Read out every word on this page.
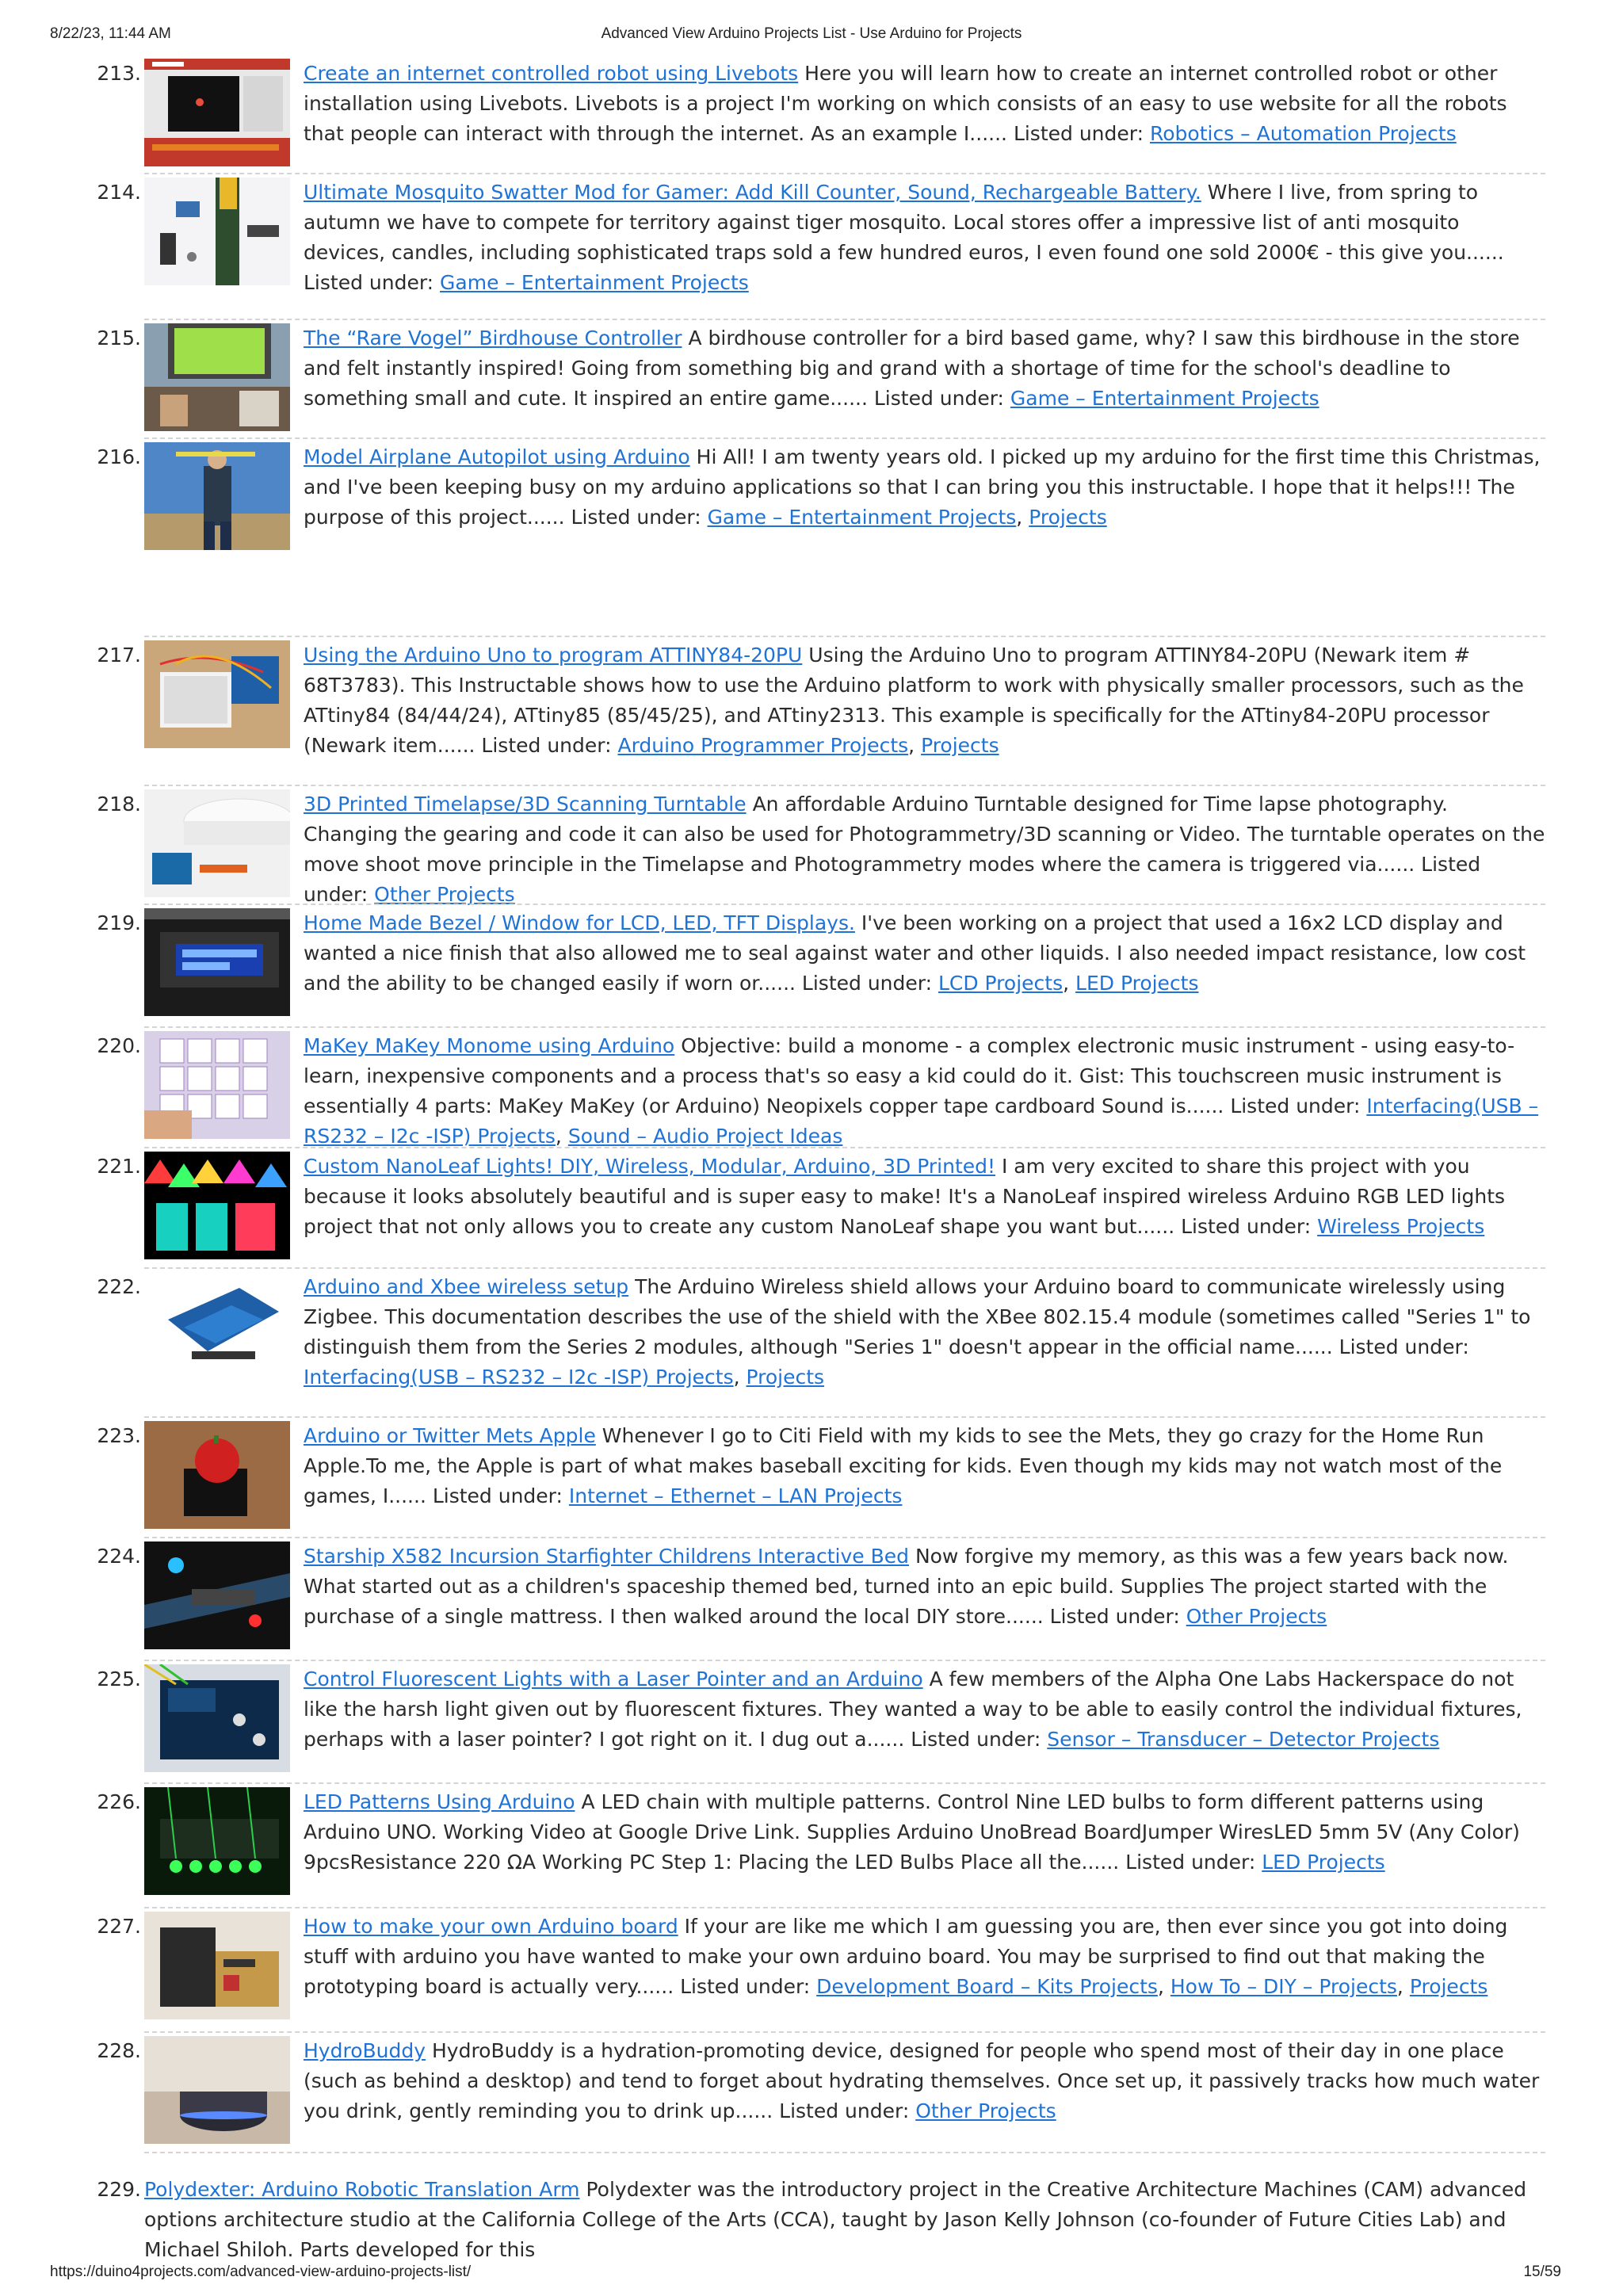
8/22/23, 11:44 AM	Advanced View Arduino Projects List - Use Arduino for Projects
213.	Create an internet controlled robot using Livebots Here you will learn how to create an internet controlled robot or other installation using Livebots. Livebots is a project I'm working on which consists of an easy to use website for all the robots that people can interact with through the internet. As an example I...... Listed under: Robotics – Automation Projects
214.	Ultimate Mosquito Swatter Mod for Gamer: Add Kill Counter, Sound, Rechargeable Battery. Where I live, from spring to autumn we have to compete for territory against tiger mosquito. Local stores offer a impressive list of anti mosquito devices, candles, including sophisticated traps sold a few hundred euros, I even found one sold 2000€ - this give you...... Listed under: Game – Entertainment Projects
215.	The “Rare Vogel” Birdhouse Controller A birdhouse controller for a bird based game, why? I saw this birdhouse in the store and felt instantly inspired! Going from something big and grand with a shortage of time for the school's deadline to something small and cute. It inspired an entire game...... Listed under: Game – Entertainment Projects
216.	Model Airplane Autopilot using Arduino Hi All! I am twenty years old. I picked up my arduino for the first time this Christmas, and I've been keeping busy on my arduino applications so that I can bring you this instructable. I hope that it helps!!! The purpose of this project...... Listed under: Game – Entertainment Projects, Projects
217.	Using the Arduino Uno to program ATTINY84-20PU Using the Arduino Uno to program ATTINY84-20PU (Newark item # 68T3783). This Instructable shows how to use the Arduino platform to work with physically smaller processors, such as the ATtiny84 (84/44/24), ATtiny85 (85/45/25), and ATtiny2313. This example is specifically for the ATtiny84-20PU processor (Newark item...... Listed under: Arduino Programmer Projects, Projects
218.	3D Printed Timelapse/3D Scanning Turntable An affordable Arduino Turntable designed for Time lapse photography. Changing the gearing and code it can also be used for Photogrammetry/3D scanning or Video. The turntable operates on the move shoot move principle in the Timelapse and Photogrammetry modes where the camera is triggered via...... Listed under: Other Projects
219.	Home Made Bezel / Window for LCD, LED, TFT Displays. I've been working on a project that used a 16x2 LCD display and wanted a nice finish that also allowed me to seal against water and other liquids. I also needed impact resistance, low cost and the ability to be changed easily if worn or...... Listed under: LCD Projects, LED Projects
220.	MaKey MaKey Monome using Arduino Objective: build a monome - a complex electronic music instrument - using easy-to-learn, inexpensive components and a process that's so easy a kid could do it. Gist: This touchscreen music instrument is essentially 4 parts: MaKey MaKey (or Arduino) Neopixels copper tape cardboard Sound is...... Listed under: Interfacing(USB – RS232 – I2c -ISP) Projects, Sound – Audio Project Ideas
221.	Custom NanoLeaf Lights! DIY, Wireless, Modular, Arduino, 3D Printed! I am very excited to share this project with you because it looks absolutely beautiful and is super easy to make! It's a NanoLeaf inspired wireless Arduino RGB LED lights project that not only allows you to create any custom NanoLeaf shape you want but...... Listed under: Wireless Projects
222.	Arduino and Xbee wireless setup The Arduino Wireless shield allows your Arduino board to communicate wirelessly using Zigbee. This documentation describes the use of the shield with the XBee 802.15.4 module (sometimes called "Series 1" to distinguish them from the Series 2 modules, although "Series 1" doesn't appear in the official name...... Listed under: Interfacing(USB – RS232 – I2c -ISP) Projects, Projects
223.	Arduino or Twitter Mets Apple Whenever I go to Citi Field with my kids to see the Mets, they go crazy for the Home Run Apple.To me, the Apple is part of what makes baseball exciting for kids. Even though my kids may not watch most of the games, I...... Listed under: Internet – Ethernet – LAN Projects
224.	Starship X582 Incursion Starfighter Childrens Interactive Bed Now forgive my memory, as this was a few years back now. What started out as a children's spaceship themed bed, turned into an epic build. Supplies The project started with the purchase of a single mattress. I then walked around the local DIY store...... Listed under: Other Projects
225.	Control Fluorescent Lights with a Laser Pointer and an Arduino A few members of the Alpha One Labs Hackerspace do not like the harsh light given out by fluorescent fixtures. They wanted a way to be able to easily control the individual fixtures, perhaps with a laser pointer? I got right on it. I dug out a...... Listed under: Sensor – Transducer – Detector Projects
226.	LED Patterns Using Arduino A LED chain with multiple patterns. Control Nine LED bulbs to form different patterns using Arduino UNO. Working Video at Google Drive Link. Supplies Arduino UnoBread BoardJumper WiresLED 5mm 5V (Any Color) 9pcsResistance 220 ΩA Working PC Step 1: Placing the LED Bulbs Place all the...... Listed under: LED Projects
227.	How to make your own Arduino board If your are like me which I am guessing you are, then ever since you got into doing stuff with arduino you have wanted to make your own arduino board. You may be surprised to find out that making the prototyping board is actually very...... Listed under: Development Board – Kits Projects, How To – DIY – Projects, Projects
228.	HydroBuddy HydroBuddy is a hydration-promoting device, designed for people who spend most of their day in one place (such as behind a desktop) and tend to forget about hydrating themselves. Once set up, it passively tracks how much water you drink, gently reminding you to drink up...... Listed under: Other Projects
229. Polydexter: Arduino Robotic Translation Arm Polydexter was the introductory project in the Creative Architecture Machines (CAM) advanced options architecture studio at the California College of the Arts (CCA), taught by Jason Kelly Johnson (co-founder of Future Cities Lab) and Michael Shiloh. Parts developed for this
https://duino4projects.com/advanced-view-arduino-projects-list/	15/59
